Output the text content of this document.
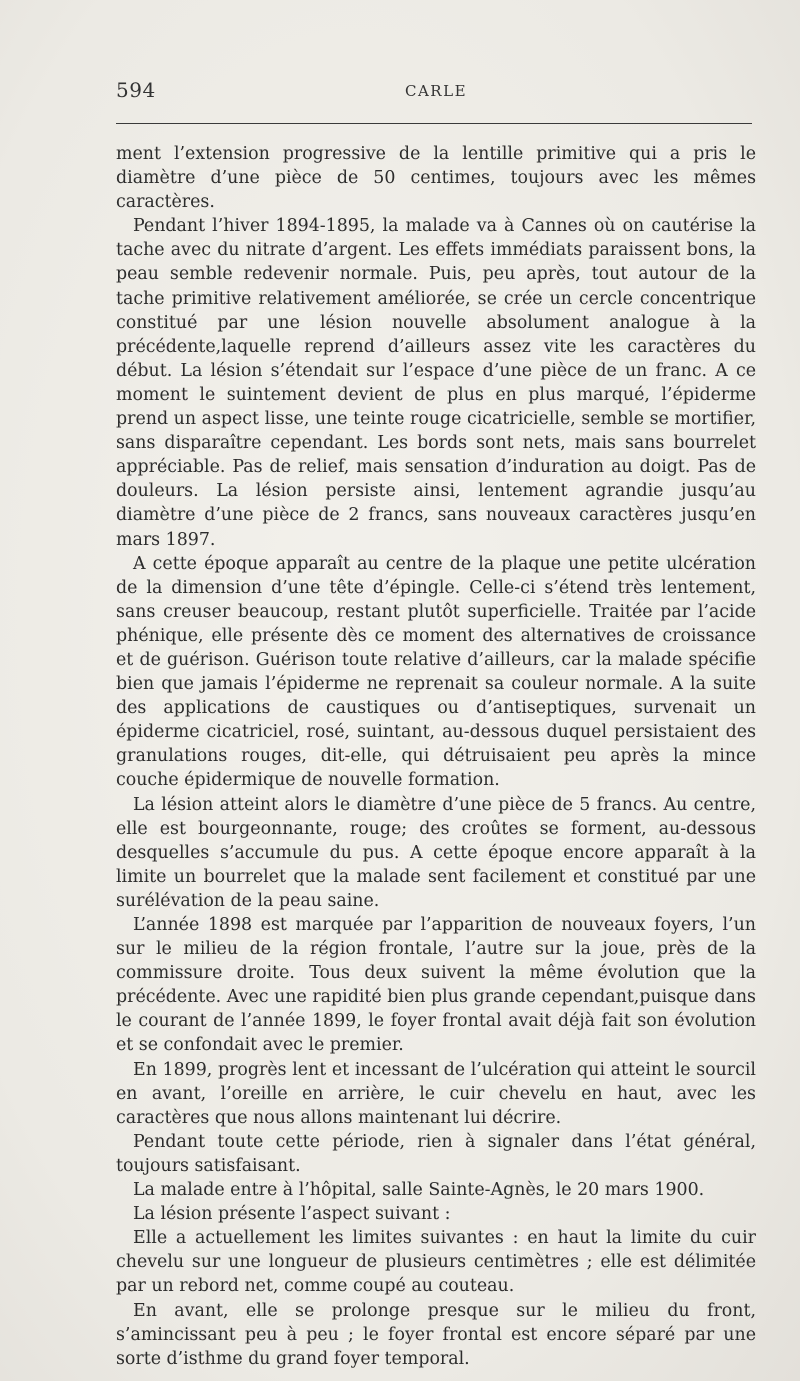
594	CARLE

ment l’extension progressive de la lentille primitive qui a pris le diamètre d’une pièce de 50 centimes, toujours avec les mêmes caractères.

Pendant l’hiver 1894-1895, la malade va à Cannes où on cautérise la tache avec du nitrate d’argent. Les effets immédiats paraissent bons, la peau semble redevenir normale. Puis, peu après, tout autour de la tache primitive relativement améliorée, se crée un cercle concentrique constitué par une lésion nouvelle absolument analogue à la précédente,laquelle reprend d’ailleurs assez vite les caractères du début. La lésion s’étendait sur l’espace d’une pièce de un franc. A ce moment le suintement devient de plus en plus marqué, l’épiderme prend un aspect lisse, une teinte rouge cicatricielle, semble se mortifier, sans disparaître cependant. Les bords sont nets, mais sans bourrelet appréciable. Pas de relief, mais sensation d’induration au doigt. Pas de douleurs. La lésion persiste ainsi, lentement agrandie jusqu’au diamètre d’une pièce de 2 francs, sans nouveaux caractères jusqu’en mars 1897.

A cette époque apparaît au centre de la plaque une petite ulcération de la dimension d’une tête d’épingle. Celle-ci s’étend très lentement, sans creuser beaucoup, restant plutôt superficielle. Traitée par l’acide phénique, elle présente dès ce moment des alternatives de croissance et de guérison. Guérison toute relative d’ailleurs, car la malade spécifie bien que jamais l’épiderme ne reprenait sa couleur normale. A la suite des applications de caustiques ou d’antiseptiques, survenait un épiderme cicatriciel, rosé, suintant, au-dessous duquel persistaient des granulations rouges, dit-elle, qui détruisaient peu après la mince couche épidermique de nouvelle formation.

La lésion atteint alors le diamètre d’une pièce de 5 francs. Au centre, elle est bourgeonnante, rouge; des croûtes se forment, au-dessous desquelles s’accumule du pus. A cette époque encore apparaît à la limite un bourrelet que la malade sent facilement et constitué par une surélévation de la peau saine.

L’année 1898 est marquée par l’apparition de nouveaux foyers, l’un sur le milieu de la région frontale, l’autre sur la joue, près de la commissure droite. Tous deux suivent la même évolution que la précédente. Avec une rapidité bien plus grande cependant,puisque dans le courant de l’année 1899, le foyer frontal avait déjà fait son évolution et se confondait avec le premier.

En 1899, progrès lent et incessant de l’ulcération qui atteint le sourcil en avant, l’oreille en arrière, le cuir chevelu en haut, avec les caractères que nous allons maintenant lui décrire.

Pendant toute cette période, rien à signaler dans l’état général, toujours satisfaisant.

La malade entre à l’hôpital, salle Sainte-Agnès, le 20 mars 1900.

La lésion présente l’aspect suivant :

Elle a actuellement les limites suivantes : en haut la limite du cuir chevelu sur une longueur de plusieurs centimètres ; elle est délimitée par un rebord net, comme coupé au couteau.

En avant, elle se prolonge presque sur le milieu du front, s’amincissant peu à peu ; le foyer frontal est encore séparé par une sorte d’isthme du grand foyer temporal.
